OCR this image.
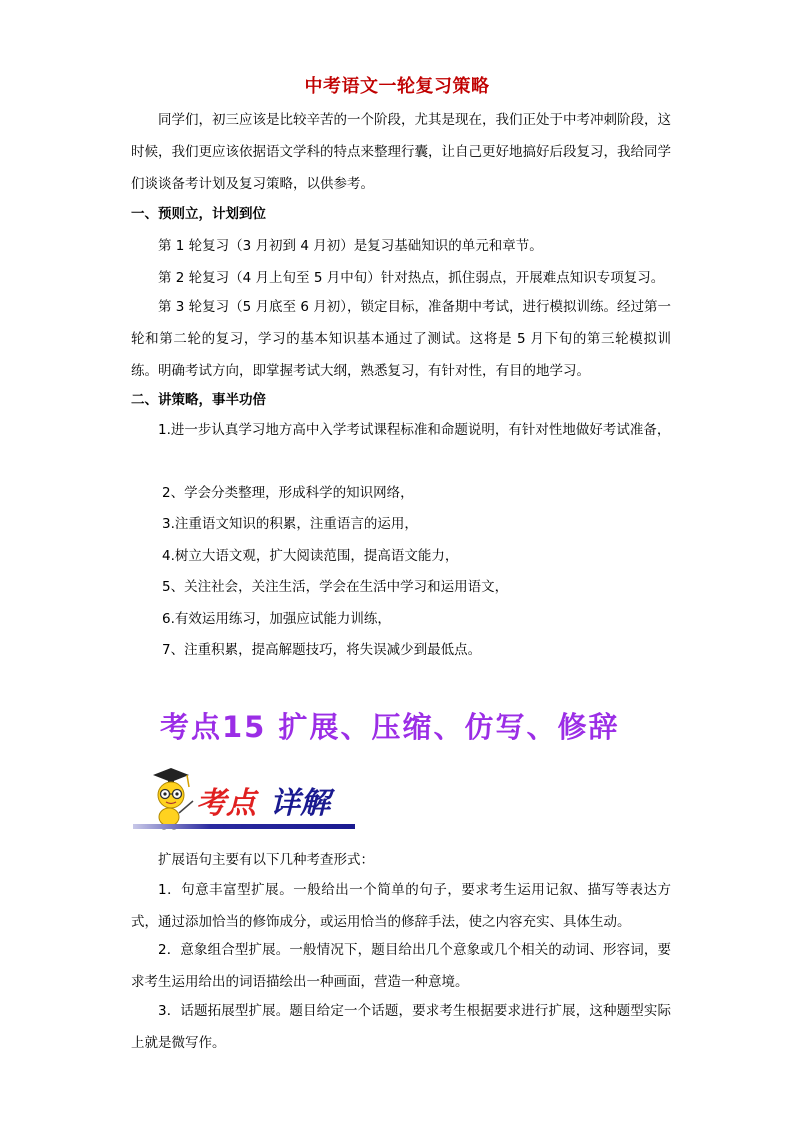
中考语文一轮复习策略

同学们，初三应该是比较辛苦的一个阶段，尤其是现在，我们正处于中考冲刺阶段，这时候，我们更应该依据语文学科的特点来整理行囊，让自己更好地搞好后段复习，我给同学们谈谈备考计划及复习策略，以供参考。

一、预则立，计划到位

第 1 轮复习（3 月初到 4 月初）是复习基础知识的单元和章节。

第 2 轮复习（4 月上旬至 5 月中旬）针对热点，抓住弱点，开展难点知识专项复习。

第 3 轮复习（5 月底至 6 月初），锁定目标，准备期中考试，进行模拟训练。经过第一轮和第二轮的复习，学习的基本知识基本通过了测试。这将是 5 月下旬的第三轮模拟训练。明确考试方向，即掌握考试大纲，熟悉复习，有针对性，有目的地学习。

二、讲策略，事半功倍

1.进一步认真学习地方高中入学考试课程标准和命题说明，有针对性地做好考试准备，

2、学会分类整理，形成科学的知识网络，

3.注重语文知识的积累，注重语言的运用，

4.树立大语文观，扩大阅读范围，提高语文能力，

5、关注社会，关注生活，学会在生活中学习和运用语文，

6.有效运用练习，加强应试能力训练，

7、注重积累，提高解题技巧，将失误减少到最低点。

考点15 扩展、压缩、仿写、修辞
考点 详解

扩展语句主要有以下几种考查形式：

1．句意丰富型扩展。一般给出一个简单的句子，要求考生运用记叙、描写等表达方式，通过添加恰当的修饰成分，或运用恰当的修辞手法，使之内容充实、具体生动。

2．意象组合型扩展。一般情况下，题目给出几个意象或几个相关的动词、形容词，要求考生运用给出的词语描绘出一种画面，营造一种意境。

3．话题拓展型扩展。题目给定一个话题，要求考生根据要求进行扩展，这种题型实际上就是微写作。
